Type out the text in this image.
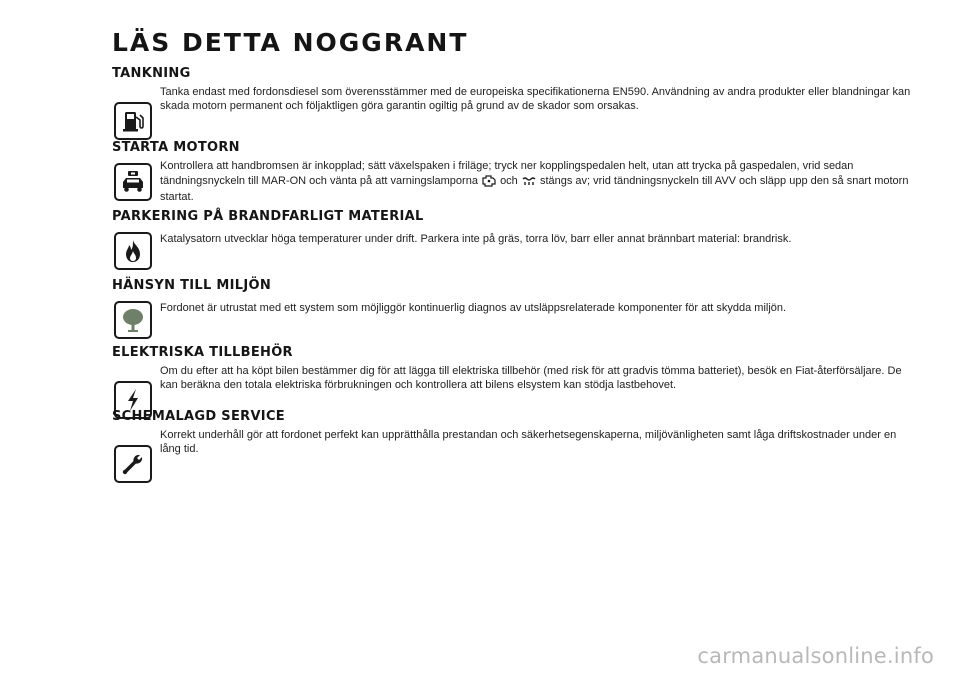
LÄS DETTA NOGGRANT
TANKNING
Tanka endast med fordonsdiesel som överensstämmer med de europeiska specifikationerna EN590. Användning av andra produkter eller blandningar kan skada motorn permanent och följaktligen göra garantin ogiltig på grund av de skador som orsakas.
STARTA MOTORN
Kontrollera att handbromsen är inkopplad; sätt växelspaken i friläge; tryck ner kopplingspedalen helt, utan att trycka på gaspedalen, vrid sedan tändningsnyckeln till MAR-ON och vänta på att varningslamporna och stängs av; vrid tändningsnyckeln till AVV och släpp upp den så snart motorn startat.
PARKERING PÅ BRANDFARLIGT MATERIAL
Katalysatorn utvecklar höga temperaturer under drift. Parkera inte på gräs, torra löv, barr eller annat brännbart material: brandrisk.
HÄNSYN TILL MILJÖN
Fordonet är utrustat med ett system som möjliggör kontinuerlig diagnos av utsläppsrelaterade komponenter för att skydda miljön.
ELEKTRISKA TILLBEHÖR
Om du efter att ha köpt bilen bestämmer dig för att lägga till elektriska tillbehör (med risk för att gradvis tömma batteriet), besök en Fiat-återförsäljare. De kan beräkna den totala elektriska förbrukningen och kontrollera att bilens elsystem kan stödja lastbehovet.
SCHEMALAGD SERVICE
Korrekt underhåll gör att fordonet perfekt kan upprätthålla prestandan och säkerhetsegenskaperna, miljövänligheten samt låga driftskostnader under en lång tid.
carmanualsonline.info
